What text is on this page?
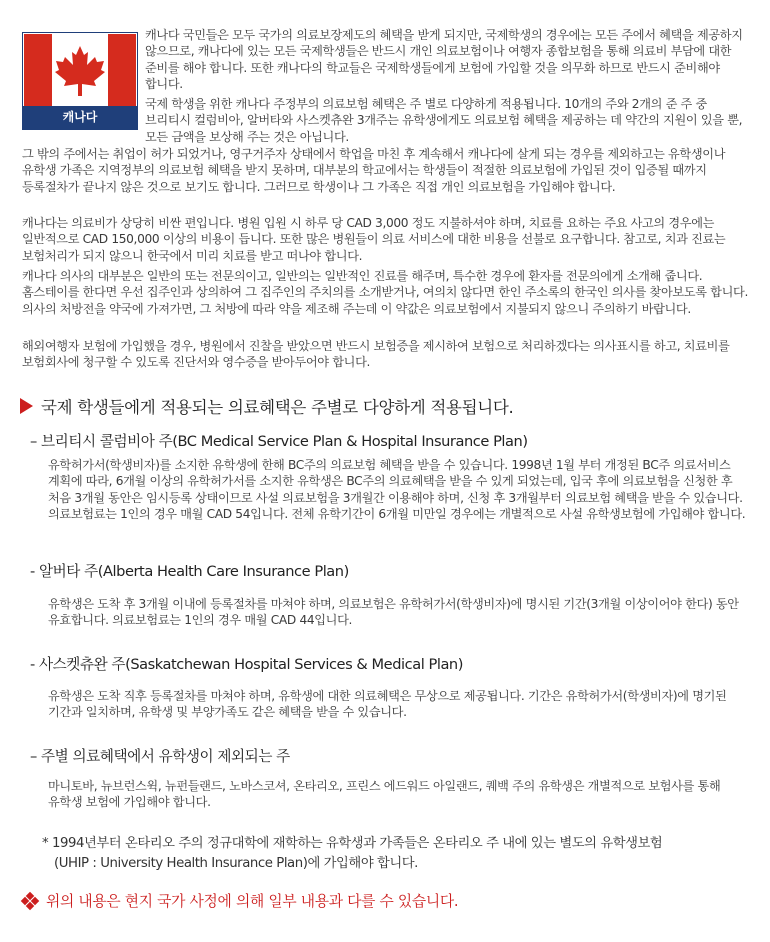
캐나다

캐나다 국민들은 모두 국가의 의료보장제도의 혜택을 받게 되지만, 국제학생의 경우에는 모든 주에서 혜택을 제공하지 않으므로, 캐나다에 있는 모든 국제학생들은 반드시 개인 의료보험이나 여행자 종합보험을 통해 의료비 부담에 대한 준비를 해야 합니다. 또한 캐나다의 학교들은 국제학생들에게 보험에 가입할 것을 의무화 하므로 반드시 준비해야 합니다.

국제 학생을 위한 캐나다 주정부의 의료보험 혜택은 주 별로 다양하게 적용됩니다. 10개의 주와 2개의 준 주 중 브리티시 컬럼비아, 알버타와 사스켓츄완 3개주는 유학생에게도 의료보험 혜택을 제공하는 데 약간의 지원이 있을 뿐, 모든 금액을 보상해 주는 것은 아닙니다.

그 밖의 주에서는 취업이 허가 되었거나, 영구거주자 상태에서 학업을 마친 후 계속해서 캐나다에 살게 되는 경우를 제외하고는 유학생이나 유학생 가족은 지역정부의 의료보험 혜택을 받지 못하며, 대부분의 학교에서는 학생들이 적절한 의료보험에 가입된 것이 입증될 때까지 등록절차가 끝나지 않은 것으로 보기도 합니다. 그러므로 학생이나 그 가족은 직접 개인 의료보험을 가입해야 합니다.

캐나다는 의료비가 상당히 비싼 편입니다. 병원 입원 시 하루 당 CAD 3,000 정도 지불하셔야 하며, 치료를 요하는 주요 사고의 경우에는 일반적으로 CAD 150,000 이상의 비용이 듭니다. 또한 많은 병원들이 의료 서비스에 대한 비용을 선불로 요구합니다. 참고로, 치과 진료는 보험처리가 되지 않으니 한국에서 미리 치료를 받고 떠나야 합니다.

캐나다 의사의 대부분은 일반의 또는 전문의이고, 일반의는 일반적인 진료를 해주며, 특수한 경우에 환자를 전문의에게 소개해 줍니다. 홈스테이를 한다면 우선 집주인과 상의하여 그 집주인의 주치의를 소개받거나, 여의치 않다면 한인 주소록의 한국인 의사를 찾아보도록 합니다. 의사의 처방전을 약국에 가져가면, 그 처방에 따라 약을 제조해 주는데 이 약값은 의료보험에서 지불되지 않으니 주의하기 바랍니다.

해외여행자 보험에 가입했을 경우, 병원에서 진찰을 받았으면 반드시 보험증을 제시하여 보험으로 처리하겠다는 의사표시를 하고, 치료비를 보험회사에 청구할 수 있도록 진단서와 영수증을 받아두어야 합니다.

국제 학생들에게 적용되는 의료혜택은 주별로 다양하게 적용됩니다.
– 브리티시 콜럼비아 주(BC Medical Service Plan & Hospital Insurance Plan)

유학허가서(학생비자)를 소지한 유학생에 한해 BC주의 의료보험 혜택을 받을 수 있습니다. 1998년 1월 부터 개정된 BC주 의료서비스 계획에 따라, 6개월 이상의 유학허가서를 소지한 유학생은 BC주의 의료혜택을 받을 수 있게 되었는데, 입국 후에 의료보험을 신청한 후 처음 3개월 동안은 임시등록 상태이므로 사설 의료보험을 3개월간 이용해야 하며, 신청 후 3개월부터 의료보험 혜택을 받을 수 있습니다. 의료보험료는 1인의 경우 매월 CAD 54입니다. 전체 유학기간이 6개월 미만일 경우에는 개별적으로 사설 유학생보험에 가입해야 합니다.

- 알버타 주(Alberta Health Care Insurance Plan)

유학생은 도착 후 3개월 이내에 등록절차를 마쳐야 하며, 의료보험은 유학허가서(학생비자)에 명시된 기간(3개월 이상이어야 한다) 동안 유효합니다. 의료보험료는 1인의 경우 매월 CAD 44입니다.

- 사스켓츄완 주(Saskatchewan Hospital Services & Medical Plan)

유학생은 도착 직후 등록절차를 마쳐야 하며, 유학생에 대한 의료혜택은 무상으로 제공됩니다. 기간은 유학허가서(학생비자)에 명기된 기간과 일치하며, 유학생 및 부양가족도 같은 혜택을 받을 수 있습니다.

– 주별 의료혜택에서 유학생이 제외되는 주

마니토바, 뉴브런스윅, 뉴펀들랜드, 노바스코셔, 온타리오, 프린스 에드워드 아일랜드, 퀘백 주의 유학생은 개별적으로 보험사를 통해 유학생 보험에 가입해야 합니다.

* 1994년부터 온타리오 주의 정규대학에 재학하는 유학생과 가족들은 온타리오 주 내에 있는 별도의 유학생보험
(UHIP : University Health Insurance Plan)에 가입해야 합니다.
위의 내용은 현지 국가 사정에 의해 일부 내용과 다를 수 있습니다.
